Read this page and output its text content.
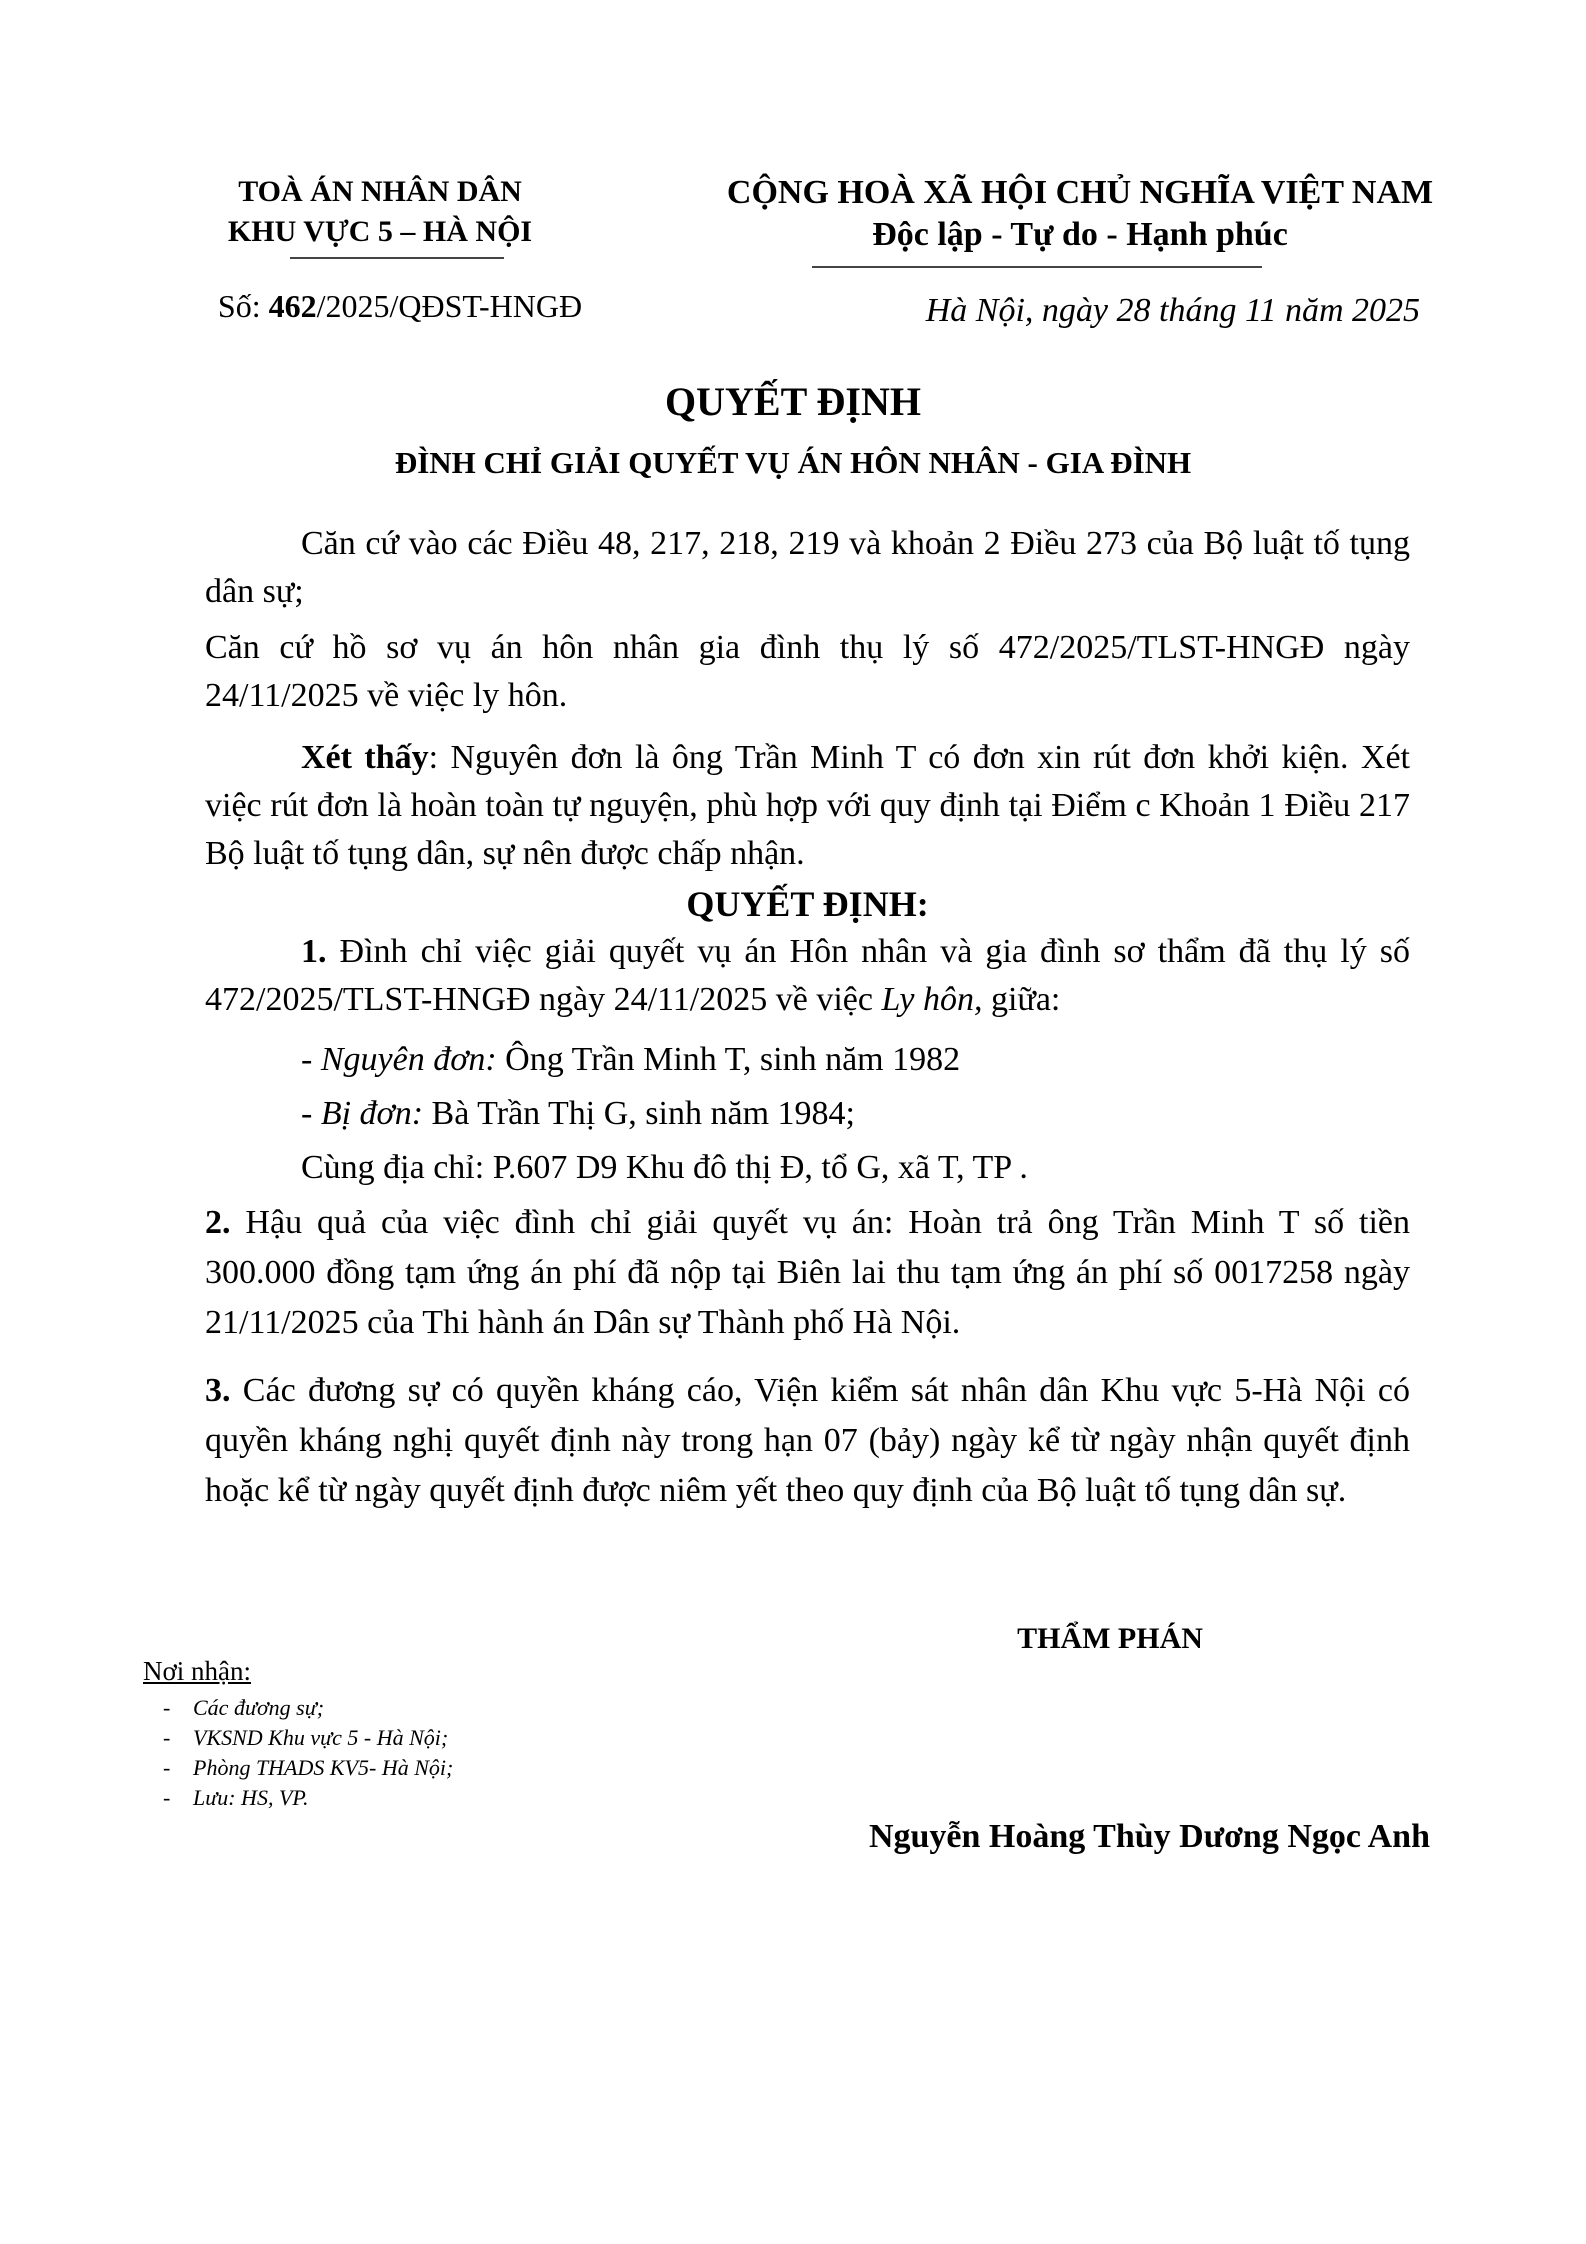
TOÀ ÁN NHÂN DÂN
KHU VỰC 5 – HÀ NỘI
Số: 462/2025/QĐST-HNGĐ
CỘNG HOÀ XÃ HỘI CHỦ NGHĨA VIỆT NAM
Độc lập - Tự do - Hạnh phúc
Hà Nội, ngày 28 tháng 11 năm 2025
QUYẾT ĐỊNH
ĐÌNH CHỈ GIẢI QUYẾT VỤ ÁN HÔN NHÂN - GIA ĐÌNH

Căn cứ vào các Điều 48, 217, 218, 219 và khoản 2 Điều 273 của Bộ luật tố tụng dân sự;

Căn cứ hồ sơ vụ án hôn nhân gia đình thụ lý số 472/2025/TLST-HNGĐ ngày 24/11/2025 về việc ly hôn.

Xét thấy: Nguyên đơn là ông Trần Minh T có đơn xin rút đơn khởi kiện. Xét việc rút đơn là hoàn toàn tự nguyện, phù hợp với quy định tại Điểm c Khoản 1 Điều 217 Bộ luật tố tụng dân, sự nên được chấp nhận.

QUYẾT ĐỊNH:

1. Đình chỉ việc giải quyết vụ án Hôn nhân và gia đình sơ thẩm đã thụ lý số 472/2025/TLST-HNGĐ ngày 24/11/2025 về việc Ly hôn, giữa:

- Nguyên đơn: Ông Trần Minh T, sinh năm 1982

- Bị đơn: Bà Trần Thị G, sinh năm 1984;

Cùng địa chỉ: P.607 D9 Khu đô thị Đ, tổ G, xã T, TP .

2. Hậu quả của việc đình chỉ giải quyết vụ án: Hoàn trả ông Trần Minh T số tiền 300.000 đồng tạm ứng án phí đã nộp tại Biên lai thu tạm ứng án phí số 0017258 ngày 21/11/2025 của Thi hành án Dân sự Thành phố Hà Nội.

3. Các đương sự có quyền kháng cáo, Viện kiểm sát nhân dân Khu vực 5-Hà Nội có quyền kháng nghị quyết định này trong hạn 07 (bảy) ngày kể từ ngày nhận quyết định hoặc kể từ ngày quyết định được niêm yết theo quy định của Bộ luật tố tụng dân sự.

Nơi nhận:
-	Các đương sự;
-	VKSND Khu vực 5 - Hà Nội;
-	Phòng THADS KV5- Hà Nội;
-	Lưu: HS, VP.
THẨM PHÁN
Nguyễn Hoàng Thùy Dương Ngọc Anh
